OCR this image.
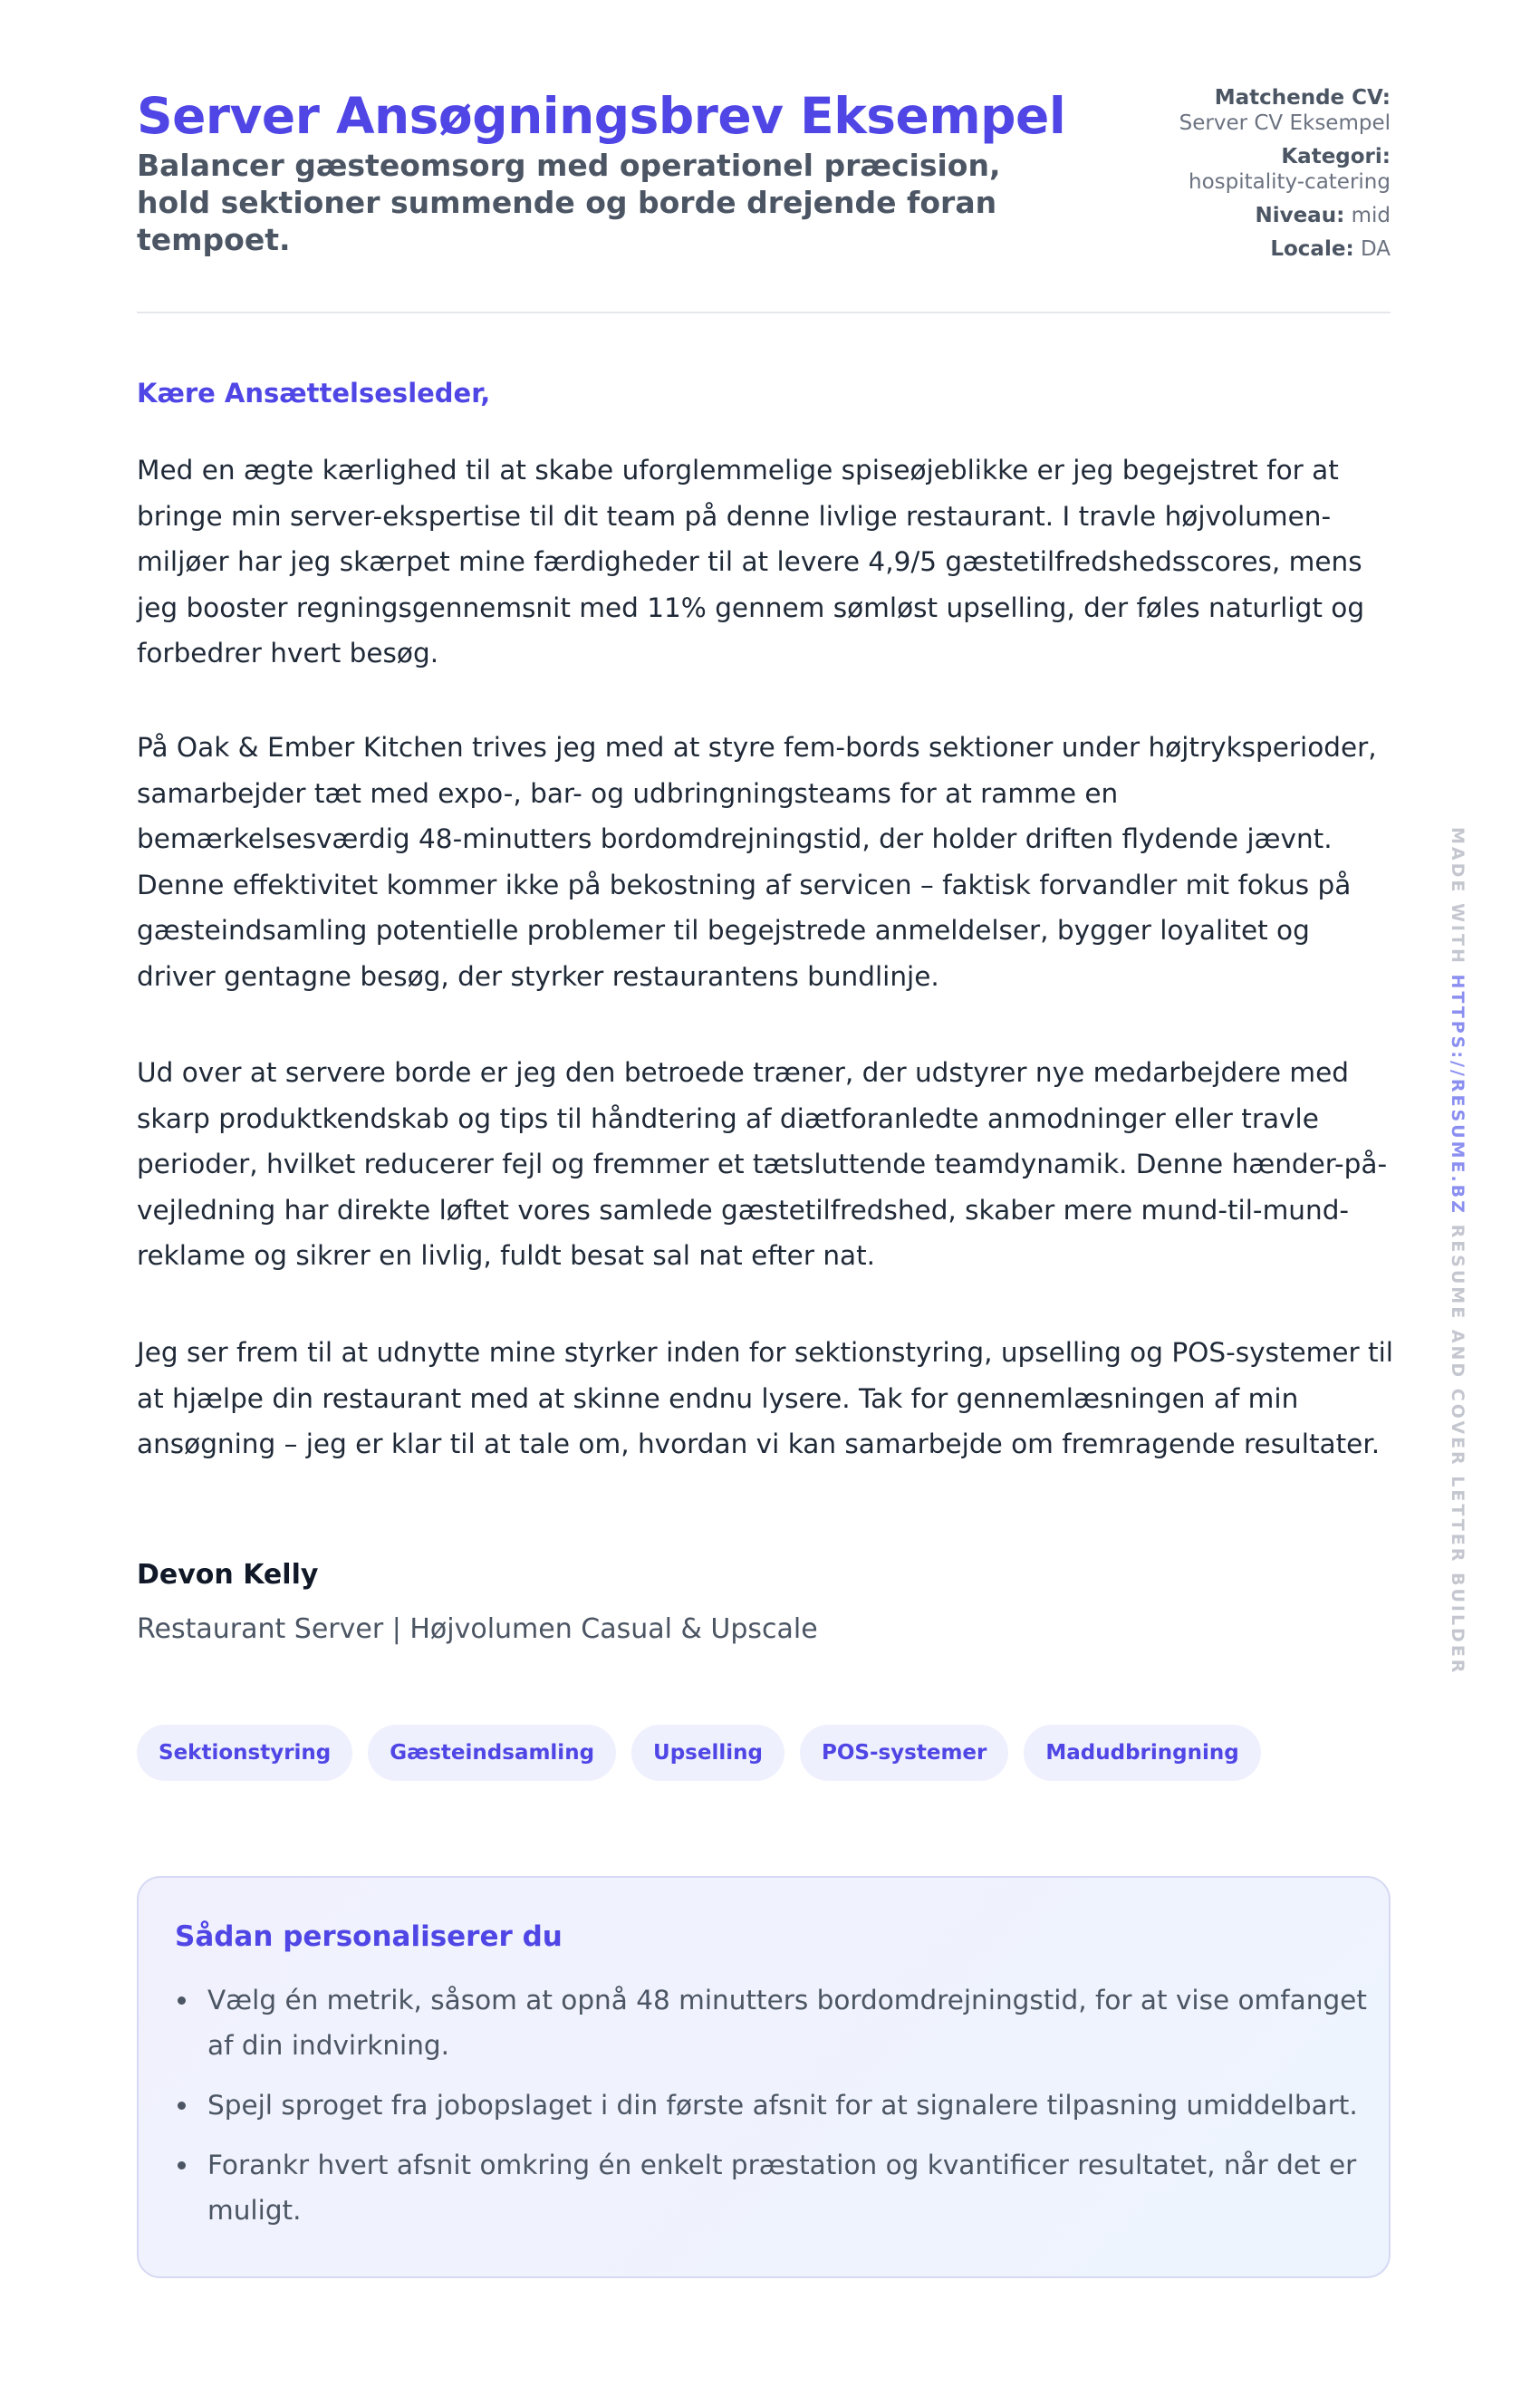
Server Ansøgningsbrev Eksempel

Balancer gæsteomsorg med operationel præcision, hold sektioner summende og borde drejende foran tempoet.

Matchende CV:
Server CV Eksempel
Kategori:
hospitality-catering
Niveau: mid
Locale: DA

Kære Ansættelsesleder,

Med en ægte kærlighed til at skabe uforglemmelige spiseøjeblikke er jeg begejstret for at bringe min server-ekspertise til dit team på denne livlige restaurant. I travle højvolumen-miljøer har jeg skærpet mine færdigheder til at levere 4,9/5 gæstetilfredshedsscores, mens jeg booster regningsgennemsnit med 11% gennem sømløst upselling, der føles naturligt og forbedrer hvert besøg.

På Oak & Ember Kitchen trives jeg med at styre fem-bords sektioner under højtryksperioder, samarbejder tæt med expo-, bar- og udbringningsteams for at ramme en bemærkelsesværdig 48-minutters bordomdrejningstid, der holder driften flydende jævnt. Denne effektivitet kommer ikke på bekostning af servicen – faktisk forvandler mit fokus på gæsteindsamling potentielle problemer til begejstrede anmeldelser, bygger loyalitet og driver gentagne besøg, der styrker restaurantens bundlinje.

Ud over at servere borde er jeg den betroede træner, der udstyrer nye medarbejdere med skarp produktkendskab og tips til håndtering af diætforanledte anmodninger eller travle perioder, hvilket reducerer fejl og fremmer et tætsluttende teamdynamik. Denne hænder-på-vejledning har direkte løftet vores samlede gæstetilfredshed, skaber mere mund-til-mund-reklame og sikrer en livlig, fuldt besat sal nat efter nat.

Jeg ser frem til at udnytte mine styrker inden for sektionstyring, upselling og POS-systemer til at hjælpe din restaurant med at skinne endnu lysere. Tak for gennemlæsningen af min ansøgning – jeg er klar til at tale om, hvordan vi kan samarbejde om fremragende resultater.

Devon Kelly

Restaurant Server | Højvolumen Casual & Upscale

Sektionstyring	Gæsteindsamling	Upselling	POS-systemer	Madudbringning
Sådan personaliserer du
Vælg én metrik, såsom at opnå 48 minutters bordomdrejningstid, for at vise omfanget af din indvirkning.
Spejl sproget fra jobopslaget i din første afsnit for at signalere tilpasning umiddelbart.
Forankr hvert afsnit omkring én enkelt præstation og kvantificer resultatet, når det er muligt.
MADE WITH HTTPS://RESUME.BZ RESUME AND COVER LETTER BUILDER
